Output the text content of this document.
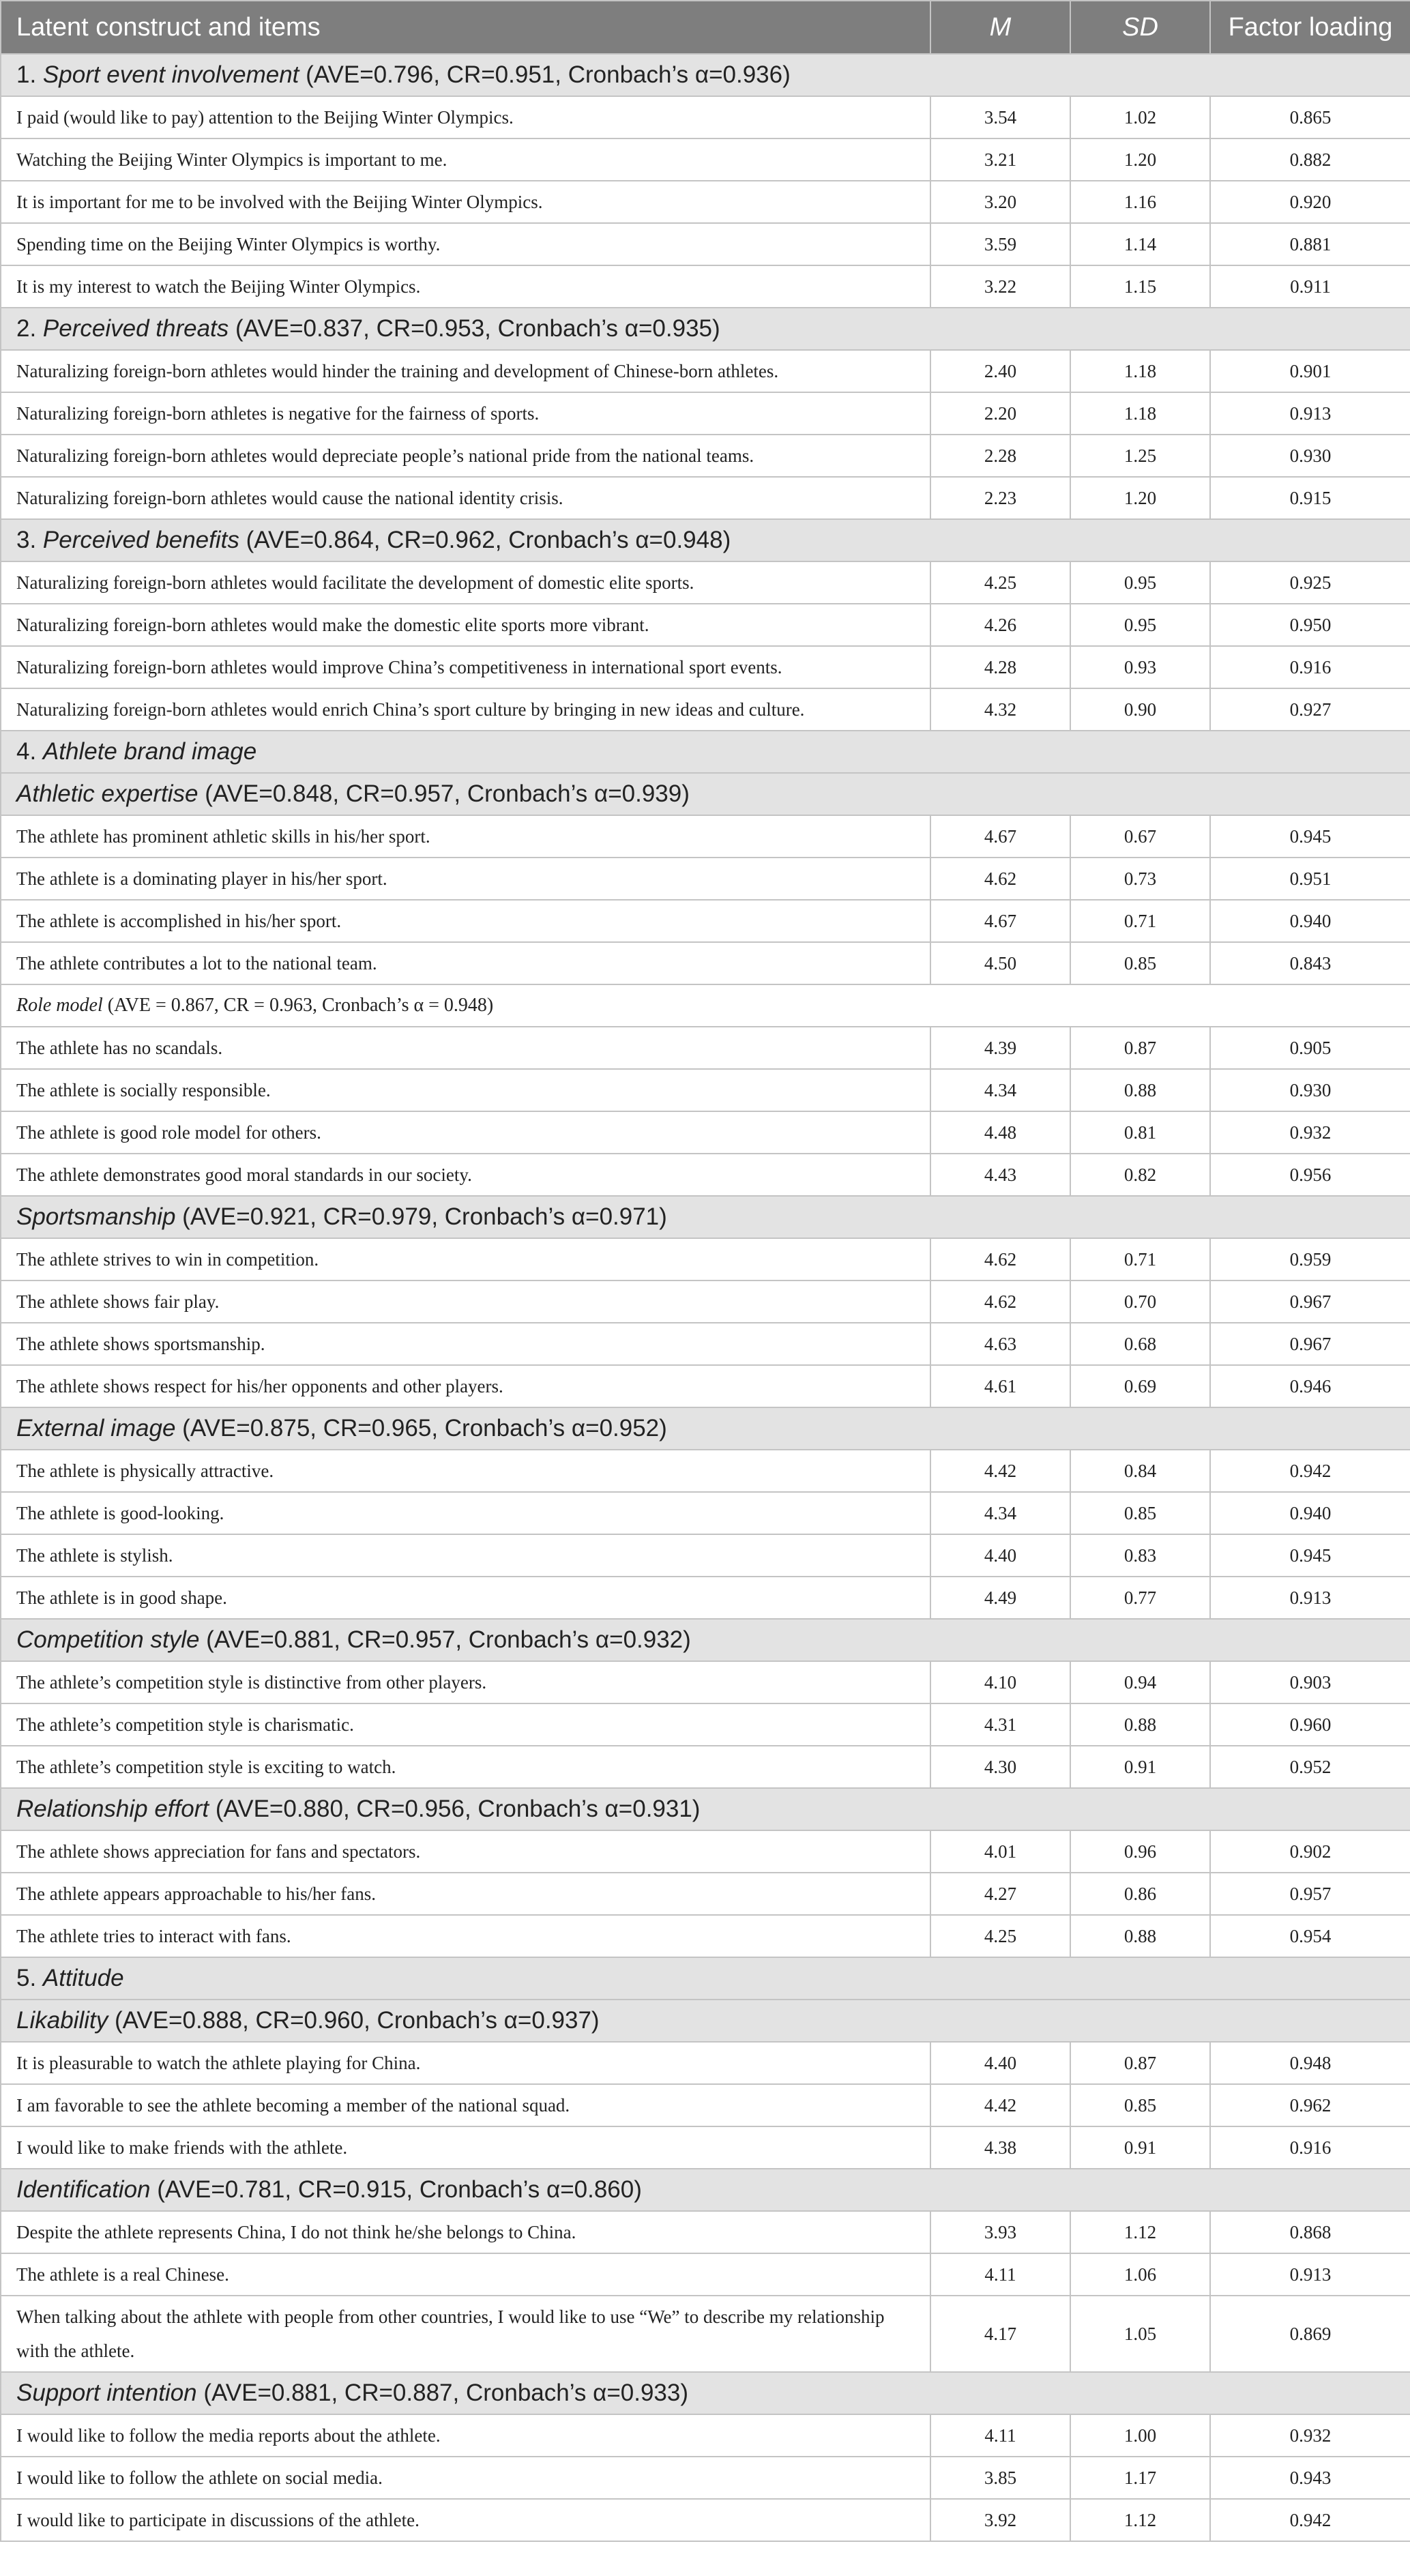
Latent construct and items	M	SD	Factor loading
1. Sport event involvement (AVE=0.796, CR=0.951, Cronbach’s α=0.936)			
I paid (would like to pay) attention to the Beijing Winter Olympics.	3.54	1.02	0.865
Watching the Beijing Winter Olympics is important to me.	3.21	1.20	0.882
It is important for me to be involved with the Beijing Winter Olympics.	3.20	1.16	0.920
Spending time on the Beijing Winter Olympics is worthy.	3.59	1.14	0.881
It is my interest to watch the Beijing Winter Olympics.	3.22	1.15	0.911
2. Perceived threats (AVE=0.837, CR=0.953, Cronbach’s α=0.935)			
Naturalizing foreign-born athletes would hinder the training and development of Chinese-born athletes.	2.40	1.18	0.901
Naturalizing foreign-born athletes is negative for the fairness of sports.	2.20	1.18	0.913
Naturalizing foreign-born athletes would depreciate people’s national pride from the national teams.	2.28	1.25	0.930
Naturalizing foreign-born athletes would cause the national identity crisis.	2.23	1.20	0.915
3. Perceived benefits (AVE=0.864, CR=0.962, Cronbach’s α=0.948)			
Naturalizing foreign-born athletes would facilitate the development of domestic elite sports.	4.25	0.95	0.925
Naturalizing foreign-born athletes would make the domestic elite sports more vibrant.	4.26	0.95	0.950
Naturalizing foreign-born athletes would improve China’s competitiveness in international sport events.	4.28	0.93	0.916
Naturalizing foreign-born athletes would enrich China’s sport culture by bringing in new ideas and culture.	4.32	0.90	0.927
4. Athlete brand image			
Athletic expertise (AVE=0.848, CR=0.957, Cronbach’s α=0.939)			
The athlete has prominent athletic skills in his/her sport.	4.67	0.67	0.945
The athlete is a dominating player in his/her sport.	4.62	0.73	0.951
The athlete is accomplished in his/her sport.	4.67	0.71	0.940
The athlete contributes a lot to the national team.	4.50	0.85	0.843
Role model (AVE = 0.867, CR = 0.963, Cronbach’s α = 0.948)			
The athlete has no scandals.	4.39	0.87	0.905
The athlete is socially responsible.	4.34	0.88	0.930
The athlete is good role model for others.	4.48	0.81	0.932
The athlete demonstrates good moral standards in our society.	4.43	0.82	0.956
Sportsmanship (AVE=0.921, CR=0.979, Cronbach’s α=0.971)			
The athlete strives to win in competition.	4.62	0.71	0.959
The athlete shows fair play.	4.62	0.70	0.967
The athlete shows sportsmanship.	4.63	0.68	0.967
The athlete shows respect for his/her opponents and other players.	4.61	0.69	0.946
External image (AVE=0.875, CR=0.965, Cronbach’s α=0.952)			
The athlete is physically attractive.	4.42	0.84	0.942
The athlete is good-looking.	4.34	0.85	0.940
The athlete is stylish.	4.40	0.83	0.945
The athlete is in good shape.	4.49	0.77	0.913
Competition style (AVE=0.881, CR=0.957, Cronbach’s α=0.932)			
The athlete’s competition style is distinctive from other players.	4.10	0.94	0.903
The athlete’s competition style is charismatic.	4.31	0.88	0.960
The athlete’s competition style is exciting to watch.	4.30	0.91	0.952
Relationship effort (AVE=0.880, CR=0.956, Cronbach’s α=0.931)			
The athlete shows appreciation for fans and spectators.	4.01	0.96	0.902
The athlete appears approachable to his/her fans.	4.27	0.86	0.957
The athlete tries to interact with fans.	4.25	0.88	0.954
5. Attitude			
Likability (AVE=0.888, CR=0.960, Cronbach’s α=0.937)			
It is pleasurable to watch the athlete playing for China.	4.40	0.87	0.948
I am favorable to see the athlete becoming a member of the national squad.	4.42	0.85	0.962
I would like to make friends with the athlete.	4.38	0.91	0.916
Identification (AVE=0.781, CR=0.915, Cronbach’s α=0.860)			
Despite the athlete represents China, I do not think he/she belongs to China.	3.93	1.12	0.868
The athlete is a real Chinese.	4.11	1.06	0.913
When talking about the athlete with people from other countries, I would like to use “We” to describe my relationship with the athlete.	4.17	1.05	0.869
Support intention (AVE=0.881, CR=0.887, Cronbach’s α=0.933)			
I would like to follow the media reports about the athlete.	4.11	1.00	0.932
I would like to follow the athlete on social media.	3.85	1.17	0.943
I would like to participate in discussions of the athlete.	3.92	1.12	0.942
